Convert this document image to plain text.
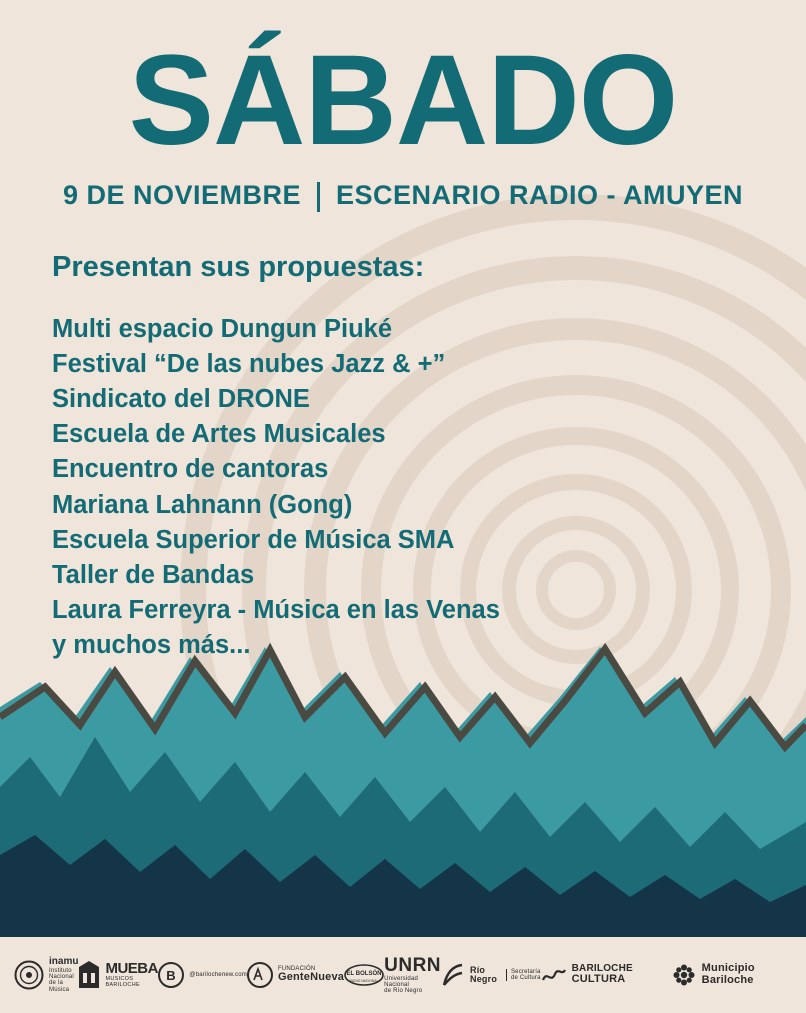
SÁBADO
9 DE NOVIEMBRE ESCENARIO RADIO - AMUYEN
Presentan sus propuestas:
Multi espacio Dungun Piuké
Festival “De las nubes Jazz & +”
Sindicato del DRONE
Escuela de Artes Musicales
Encuentro de cantoras
Mariana Lahnann (Gong)
Escuela Superior de Música SMA
Taller de Bandas
Laura Ferreyra - Música en las Venas
y muchos más...
inamu
Instituto
Nacional
de la Música
MUEBA
MUSICOS BARILOCHE
B @barilochenew.com
FUNDACIÓN
GenteNueva EL BOLSÓN
RADIO NACIONAL
UNRN
Universidad Nacional
de Río Negro
Río Negro
Secretaría
de Cultura
BARILOCHE CULTURA
Municipio Bariloche
